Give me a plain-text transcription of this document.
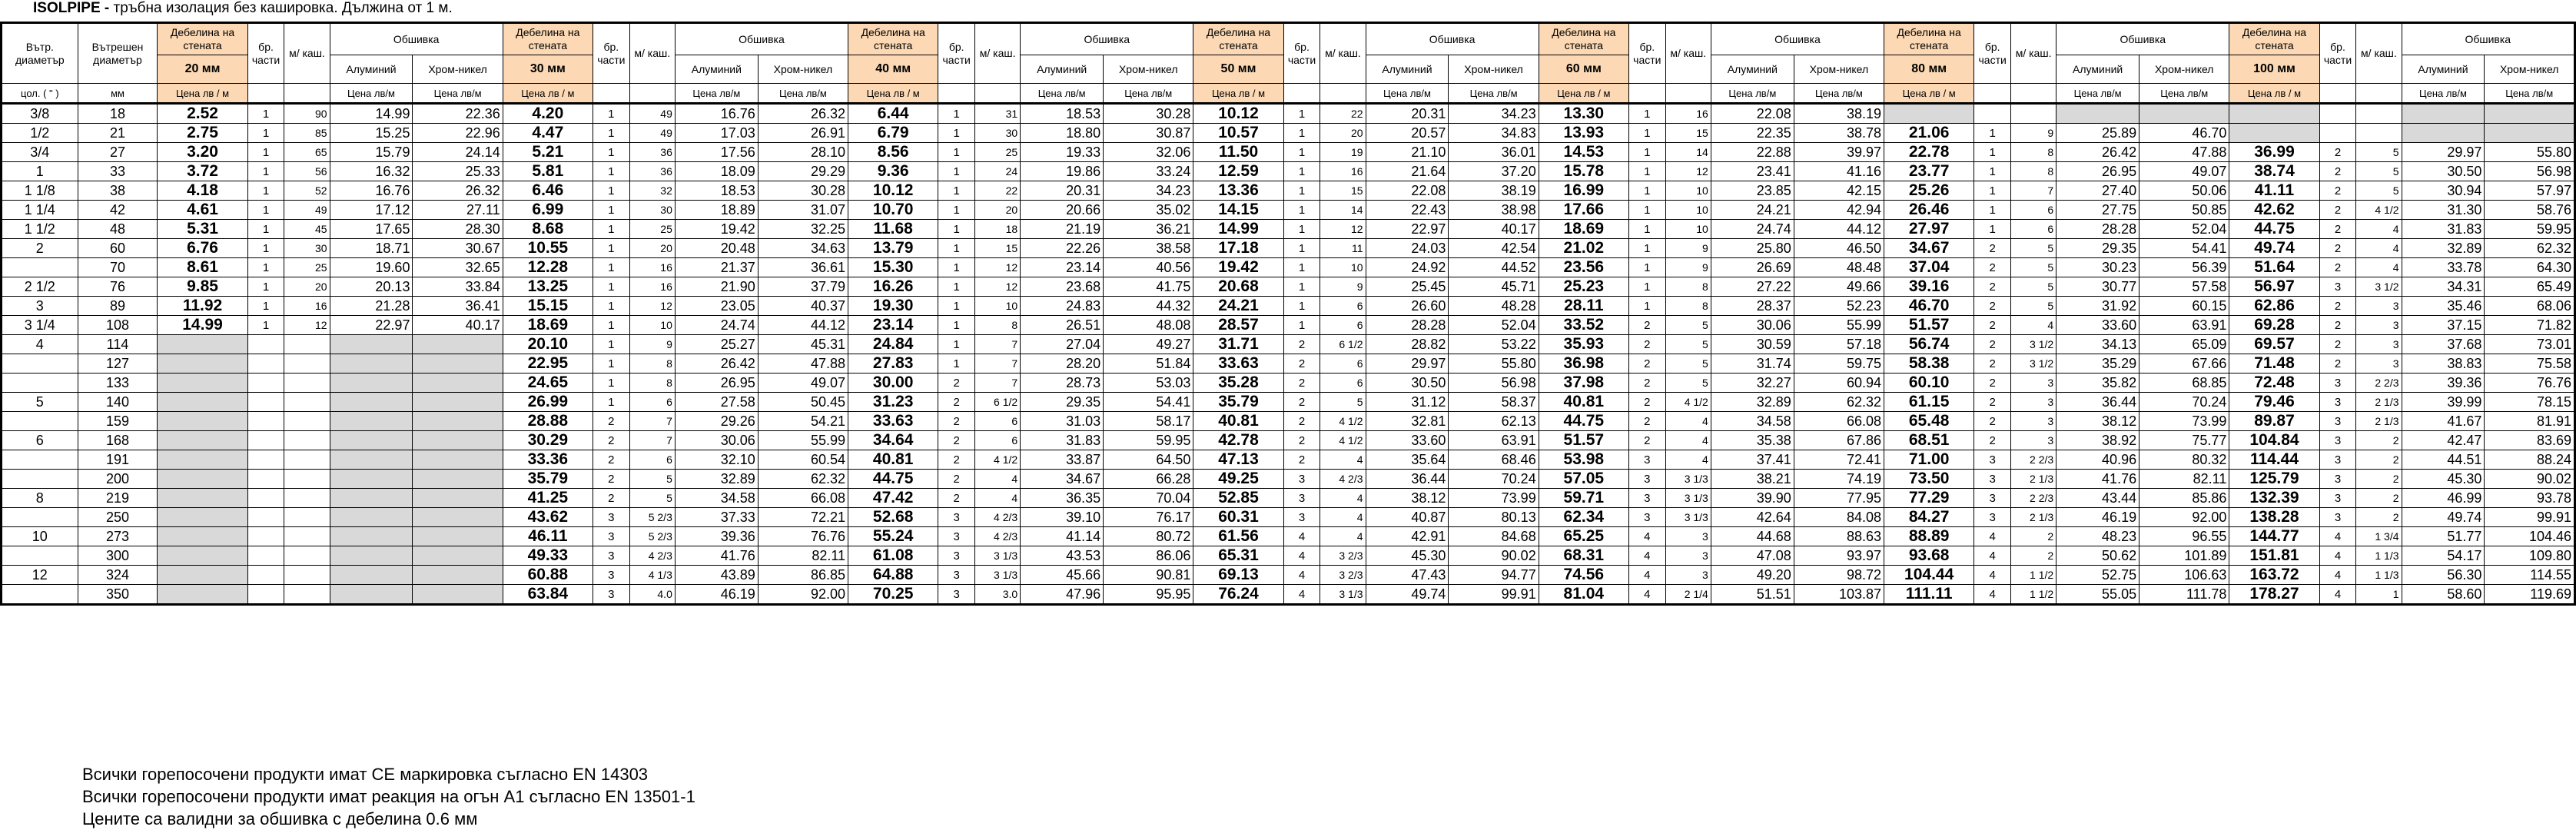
ISOLPIPE - тръбна изолация без кашировка. Дължина от 1 м.
Вътр. диаметър	Вътрешен диаметър	Дебелина на стената	бр. части	м/ каш.	Обшивка		Дебелина на стената	бр. части	м/ каш.	Обшивка		Дебелина на стената	бр. части	м/ каш.	Обшивка		Дебелина на стената	бр. части	м/ каш.	Обшивка		Дебелина на стената	бр. части	м/ каш.	Обшивка		Дебелина на стената	бр. части	м/ каш.	Обшивка		Дебелина на стената	бр. части	м/ каш.	Обшивка	
		20 мм			Алуминий	Хром-никел	30 мм			Алуминий	Хром-никел	40 мм			Алуминий	Хром-никел	50 мм			Алуминий	Хром-никел	60 мм			Алуминий	Хром-никел	80 мм			Алуминий	Хром-никел	100 мм			Алуминий	Хром-никел
цол. ( " )	мм	Цена лв / м			Цена лв/м	Цена лв/м	Цена лв / м			Цена лв/м	Цена лв/м	Цена лв / м			Цена лв/м	Цена лв/м	Цена лв / м			Цена лв/м	Цена лв/м	Цена лв / м			Цена лв/м	Цена лв/м	Цена лв / м			Цена лв/м	Цена лв/м	Цена лв / м			Цена лв/м	Цена лв/м
3/8	18	2.52	1	90	14.99	22.36	4.20	1	49	16.76	26.32	6.44	1	31	18.53	30.28	10.12	1	22	20.31	34.23	13.30	1	16	22.08	38.19										
1/2	21	2.75	1	85	15.25	22.96	4.47	1	49	17.03	26.91	6.79	1	30	18.80	30.87	10.57	1	20	20.57	34.83	13.93	1	15	22.35	38.78	21.06	1	9	25.89	46.70					
3/4	27	3.20	1	65	15.79	24.14	5.21	1	36	17.56	28.10	8.56	1	25	19.33	32.06	11.50	1	19	21.10	36.01	14.53	1	14	22.88	39.97	22.78	1	8	26.42	47.88	36.99	2	5	29.97	55.80
1	33	3.72	1	56	16.32	25.33	5.81	1	36	18.09	29.29	9.36	1	24	19.86	33.24	12.59	1	16	21.64	37.20	15.78	1	12	23.41	41.16	23.77	1	8	26.95	49.07	38.74	2	5	30.50	56.98
1 1/8	38	4.18	1	52	16.76	26.32	6.46	1	32	18.53	30.28	10.12	1	22	20.31	34.23	13.36	1	15	22.08	38.19	16.99	1	10	23.85	42.15	25.26	1	7	27.40	50.06	41.11	2	5	30.94	57.97
1 1/4	42	4.61	1	49	17.12	27.11	6.99	1	30	18.89	31.07	10.70	1	20	20.66	35.02	14.15	1	14	22.43	38.98	17.66	1	10	24.21	42.94	26.46	1	6	27.75	50.85	42.62	2	4 1/2	31.30	58.76
1 1/2	48	5.31	1	45	17.65	28.30	8.68	1	25	19.42	32.25	11.68	1	18	21.19	36.21	14.99	1	12	22.97	40.17	18.69	1	10	24.74	44.12	27.97	1	6	28.28	52.04	44.75	2	4	31.83	59.95
2	60	6.76	1	30	18.71	30.67	10.55	1	20	20.48	34.63	13.79	1	15	22.26	38.58	17.18	1	11	24.03	42.54	21.02	1	9	25.80	46.50	34.67	2	5	29.35	54.41	49.74	2	4	32.89	62.32
	70	8.61	1	25	19.60	32.65	12.28	1	16	21.37	36.61	15.30	1	12	23.14	40.56	19.42	1	10	24.92	44.52	23.56	1	9	26.69	48.48	37.04	2	5	30.23	56.39	51.64	2	4	33.78	64.30
2 1/2	76	9.85	1	20	20.13	33.84	13.25	1	16	21.90	37.79	16.26	1	12	23.68	41.75	20.68	1	9	25.45	45.71	25.23	1	8	27.22	49.66	39.16	2	5	30.77	57.58	56.97	3	3 1/2	34.31	65.49
3	89	11.92	1	16	21.28	36.41	15.15	1	12	23.05	40.37	19.30	1	10	24.83	44.32	24.21	1	6	26.60	48.28	28.11	1	8	28.37	52.23	46.70	2	5	31.92	60.15	62.86	2	3	35.46	68.06
3 1/4	108	14.99	1	12	22.97	40.17	18.69	1	10	24.74	44.12	23.14	1	8	26.51	48.08	28.57	1	6	28.28	52.04	33.52	2	5	30.06	55.99	51.57	2	4	33.60	63.91	69.28	2	3	37.15	71.82
4	114						20.10	1	9	25.27	45.31	24.84	1	7	27.04	49.27	31.71	2	6 1/2	28.82	53.22	35.93	2	5	30.59	57.18	56.74	2	3 1/2	34.13	65.09	69.57	2	3	37.68	73.01
	127						22.95	1	8	26.42	47.88	27.83	1	7	28.20	51.84	33.63	2	6	29.97	55.80	36.98	2	5	31.74	59.75	58.38	2	3 1/2	35.29	67.66	71.48	2	3	38.83	75.58
	133						24.65	1	8	26.95	49.07	30.00	2	7	28.73	53.03	35.28	2	6	30.50	56.98	37.98	2	5	32.27	60.94	60.10	2	3	35.82	68.85	72.48	3	2 2/3	39.36	76.76
5	140						26.99	1	6	27.58	50.45	31.23	2	6 1/2	29.35	54.41	35.79	2	5	31.12	58.37	40.81	2	4 1/2	32.89	62.32	61.15	2	3	36.44	70.24	79.46	3	2 1/3	39.99	78.15
	159						28.88	2	7	29.26	54.21	33.63	2	6	31.03	58.17	40.81	2	4 1/2	32.81	62.13	44.75	2	4	34.58	66.08	65.48	2	3	38.12	73.99	89.87	3	2 1/3	41.67	81.91
6	168						30.29	2	7	30.06	55.99	34.64	2	6	31.83	59.95	42.78	2	4 1/2	33.60	63.91	51.57	2	4	35.38	67.86	68.51	2	3	38.92	75.77	104.84	3	2	42.47	83.69
	191						33.36	2	6	32.10	60.54	40.81	2	4 1/2	33.87	64.50	47.13	2	4	35.64	68.46	53.98	3	4	37.41	72.41	71.00	3	2 2/3	40.96	80.32	114.44	3	2	44.51	88.24
	200						35.79	2	5	32.89	62.32	44.75	2	4	34.67	66.28	49.25	3	4 2/3	36.44	70.24	57.05	3	3 1/3	38.21	74.19	73.50	3	2 1/3	41.76	82.11	125.79	3	2	45.30	90.02
8	219						41.25	2	5	34.58	66.08	47.42	2	4	36.35	70.04	52.85	3	4	38.12	73.99	59.71	3	3 1/3	39.90	77.95	77.29	3	2 2/3	43.44	85.86	132.39	3	2	46.99	93.78
	250						43.62	3	5 2/3	37.33	72.21	52.68	3	4 2/3	39.10	76.17	60.31	3	4	40.87	80.13	62.34	3	3 1/3	42.64	84.08	84.27	3	2 1/3	46.19	92.00	138.28	3	2	49.74	99.91
10	273						46.11	3	5 2/3	39.36	76.76	55.24	3	4 2/3	41.14	80.72	61.56	4	4	42.91	84.68	65.25	4	3	44.68	88.63	88.89	4	2	48.23	96.55	144.77	4	1 3/4	51.77	104.46
	300						49.33	3	4 2/3	41.76	82.11	61.08	3	3 1/3	43.53	86.06	65.31	4	3 2/3	45.30	90.02	68.31	4	3	47.08	93.97	93.68	4	2	50.62	101.89	151.81	4	1 1/3	54.17	109.80
12	324						60.88	3	4 1/3	43.89	86.85	64.88	3	3 1/3	45.66	90.81	69.13	4	3 2/3	47.43	94.77	74.56	4	3	49.20	98.72	104.44	4	1 1/2	52.75	106.63	163.72	4	1 1/3	56.30	114.55
	350						63.84	3	4.0	46.19	92.00	70.25	3	3.0	47.96	95.95	76.24	4	3 1/3	49.74	99.91	81.04	4	2 1/4	51.51	103.87	111.11	4	1 1/2	55.05	111.78	178.27	4	1	58.60	119.69
Всички горепосочени продукти имат CE маркировка съгласно EN 14303
Всички горепосочени продукти имат реакция на огън A1 съгласно EN 13501-1
Цените са валидни за обшивка с дебелина 0.6 мм
